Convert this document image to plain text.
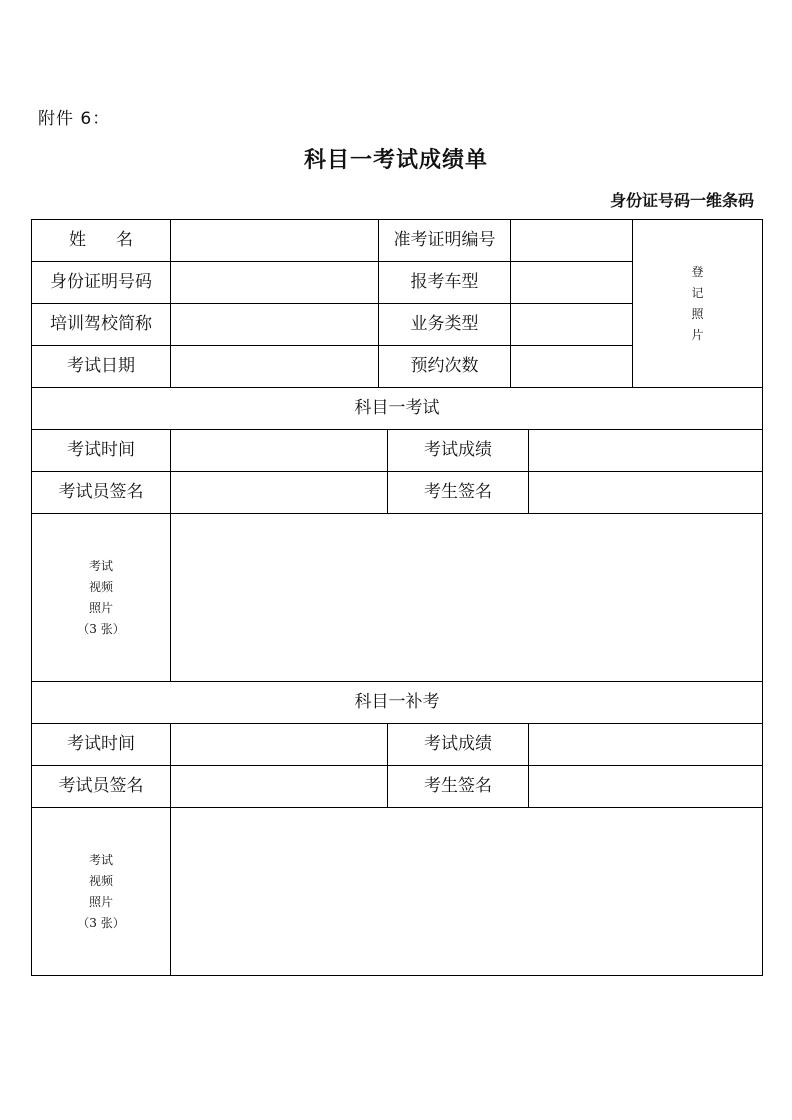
附件 6：
科目一考试成绩单
身份证号码一维条码
姓名		准考证明编号		登记照片
身份证明号码		报考车型		
培训驾校简称		业务类型		
考试日期		预约次数		
科目一考试			
考试时间		考试成绩	
考试员签名		考生签名	

考试
视频
照片
（3 张）			

科目一补考			
考试时间		考试成绩	
考试员签名		考生签名	

考试
视频
照片
（3 张）			
